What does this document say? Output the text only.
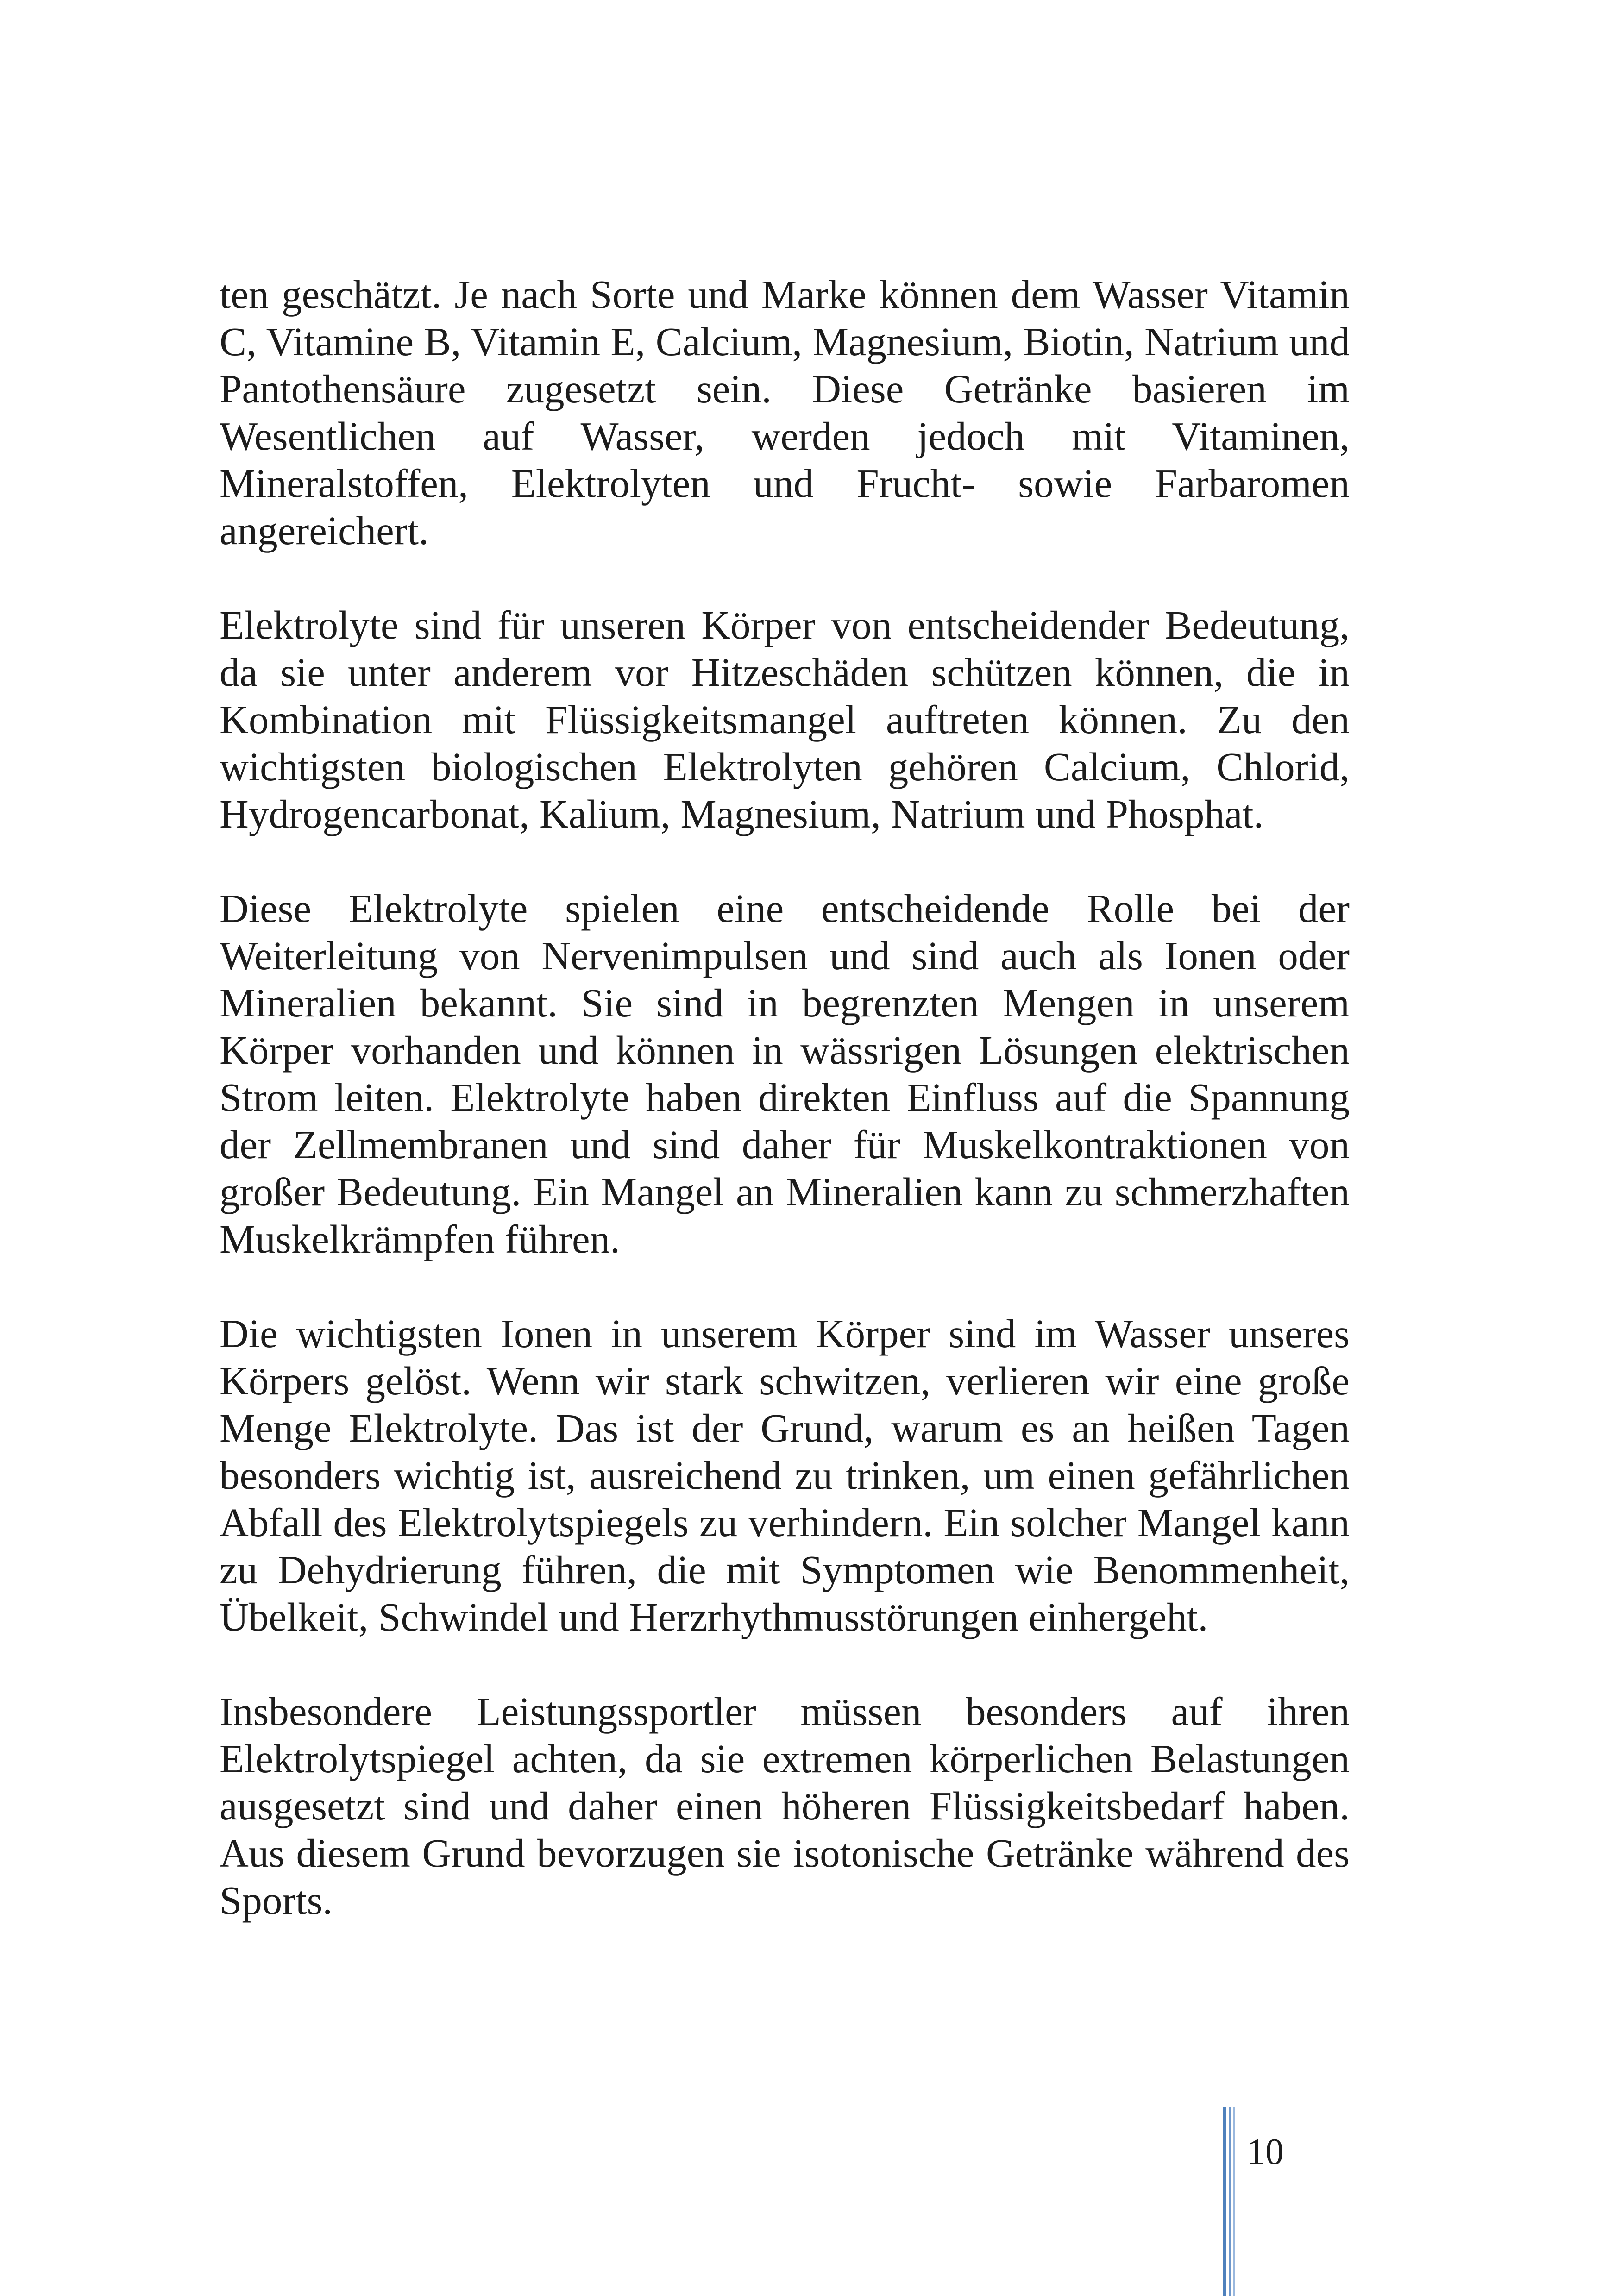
ten geschätzt. Je nach Sorte und Marke können dem Wasser Vitamin C, Vitamine B, Vitamin E, Calcium, Magnesium, Biotin, Natrium und Pantothensäure zugesetzt sein. Diese Getränke basieren im Wesentlichen auf Wasser, werden jedoch mit Vitaminen, Mineralstoffen, Elektrolyten und Frucht- sowie Farbaromen angereichert.

Elektrolyte sind für unseren Körper von entscheidender Bedeutung, da sie unter anderem vor Hitzeschäden schützen können, die in Kombination mit Flüssigkeitsmangel auftreten können. Zu den wichtigsten biologischen Elektrolyten gehören Calcium, Chlorid, Hydrogencarbonat, Kalium, Magnesium, Natrium und Phosphat.

Diese Elektrolyte spielen eine entscheidende Rolle bei der Weiterleitung von Nervenimpulsen und sind auch als Ionen oder Mineralien bekannt. Sie sind in begrenzten Mengen in unserem Körper vorhanden und können in wässrigen Lösungen elektrischen Strom leiten. Elektrolyte haben direkten Einfluss auf die Spannung der Zellmembranen und sind daher für Muskelkontraktionen von großer Bedeutung. Ein Mangel an Mineralien kann zu schmerzhaften Muskelkrämpfen führen.

Die wichtigsten Ionen in unserem Körper sind im Wasser unseres Körpers gelöst. Wenn wir stark schwitzen, verlieren wir eine große Menge Elektrolyte. Das ist der Grund, warum es an heißen Tagen besonders wichtig ist, ausreichend zu trinken, um einen gefährlichen Abfall des Elektrolytspiegels zu verhindern. Ein solcher Mangel kann zu Dehydrierung führen, die mit Symptomen wie Benommenheit, Übelkeit, Schwindel und Herzrhythmusstörungen einhergeht.

Insbesondere Leistungssportler müssen besonders auf ihren Elektrolytspiegel achten, da sie extremen körperlichen Belastungen ausgesetzt sind und daher einen höheren Flüssigkeitsbedarf haben. Aus diesem Grund bevorzugen sie isotonische Getränke während des Sports.

10
